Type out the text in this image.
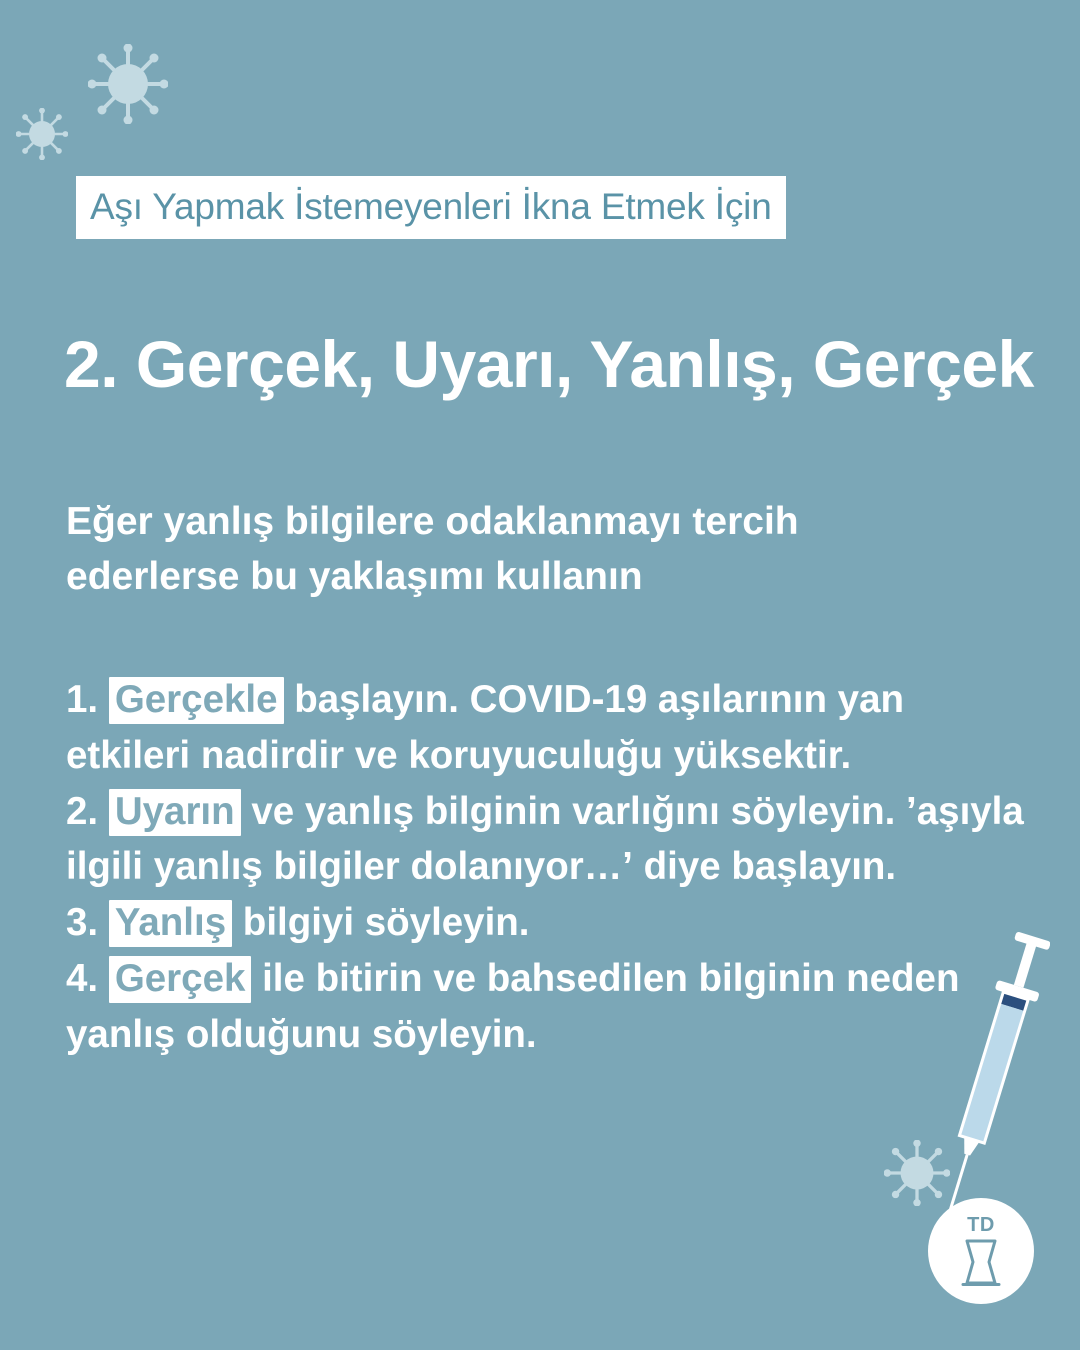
Aşı Yapmak İstemeyenleri İkna Etmek İçin
2. Gerçek, Uyarı, Yanlış, Gerçek
Eğer yanlış bilgilere odaklanmayı tercih
ederlerse bu yaklaşımı kullanın

1. Gerçekle başlayın. COVID-19 aşılarının yan etkileri nadirdir ve koruyuculuğu yüksektir.

2. Uyarın ve yanlış bilginin varlığını söyleyin. ʼaşıyla ilgili yanlış bilgiler dolanıyor…ʼ diye başlayın.

3. Yanlış bilgiyi söyleyin.

4. Gerçek ile bitirin ve bahsedilen bilginin neden yanlış olduğunu söyleyin.

TD
